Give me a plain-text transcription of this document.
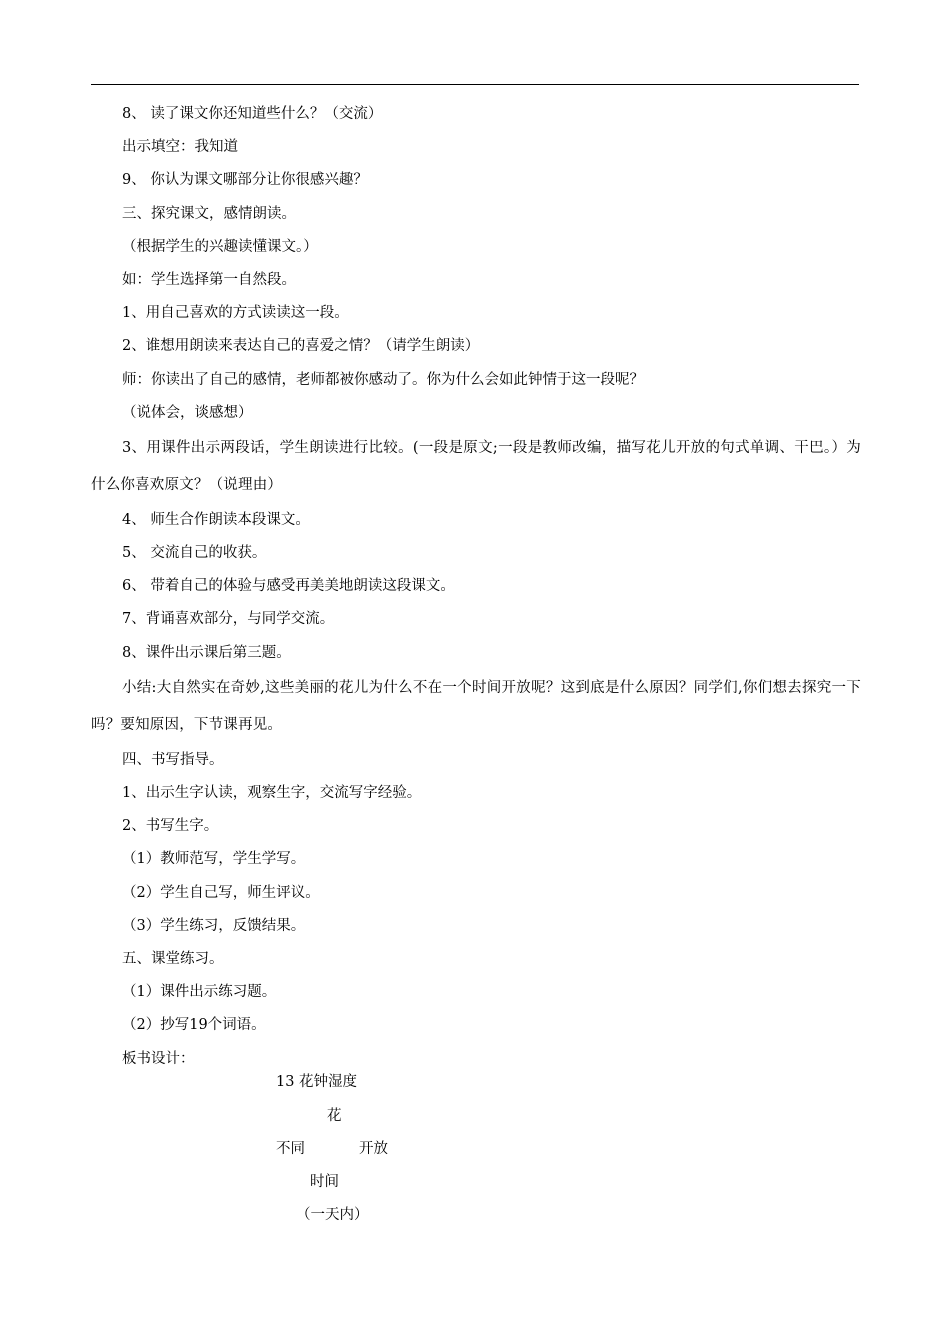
8、 读了课文你还知道些什么？（交流）
出示填空：我知道
9、 你认为课文哪部分让你很感兴趣？
三、探究课文，感情朗读。
（根据学生的兴趣读懂课文。）
如：学生选择第一自然段。
1、用自己喜欢的方式读读这一段。
2、谁想用朗读来表达自己的喜爱之情？（请学生朗读）
师：你读出了自己的感情，老师都被你感动了。你为什么会如此钟情于这一段呢？
（说体会，谈感想）
3、用课件出示两段话，学生朗读进行比较。(一段是原文;一段是教师改编，描写花儿开放的句式单调、干巴。）为什么你喜欢原文？（说理由）
4、 师生合作朗读本段课文。
5、 交流自己的收获。
6、 带着自己的体验与感受再美美地朗读这段课文。
7、背诵喜欢部分，与同学交流。
8、课件出示课后第三题。
小结:大自然实在奇妙,这些美丽的花儿为什么不在一个时间开放呢？这到底是什么原因？同学们,你们想去探究一下吗？要知原因，下节课再见。
四、书写指导。
1、出示生字认读，观察生字，交流写字经验。
2、书写生字。
（1）教师范写，学生学写。
（2）学生自己写，师生评议。
（3）学生练习，反馈结果。
五、课堂练习。
（1）课件出示练习题。
（2）抄写19个词语。
板书设计：
13 花钟湿度
花
不同	开放
时间
（一天内）
